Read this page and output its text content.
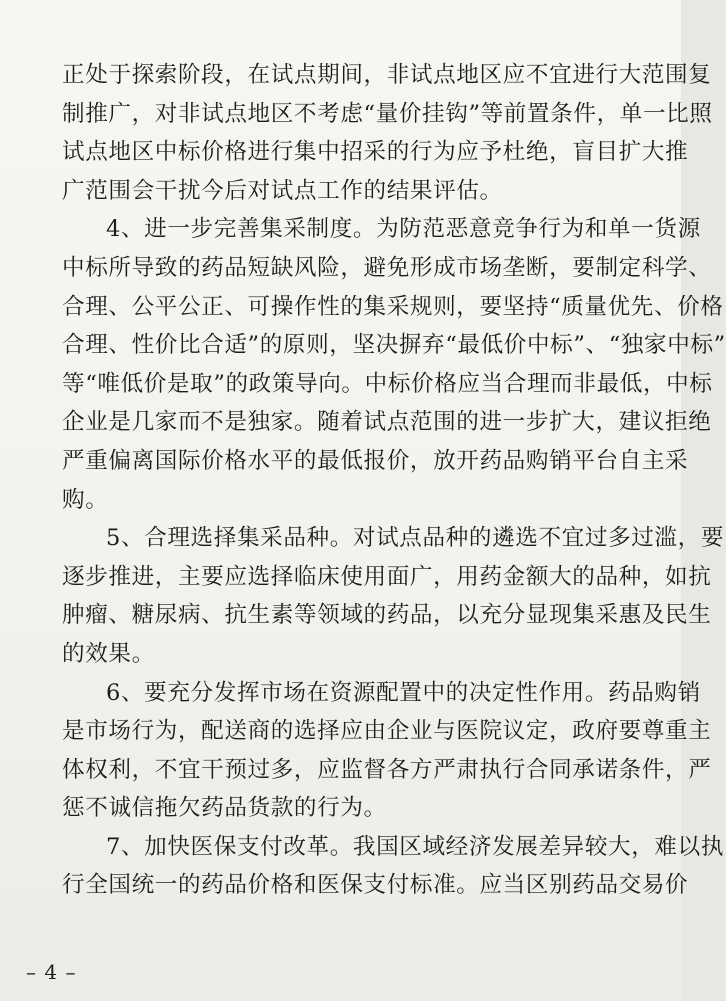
正处于探索阶段，在试点期间，非试点地区应不宜进行大范围复
制推广，对非试点地区不考虑“量价挂钩”等前置条件，单一比照
试点地区中标价格进行集中招采的行为应予杜绝，盲目扩大推
广范围会干扰今后对试点工作的结果评估。
4、进一步完善集采制度。为防范恶意竞争行为和单一货源
中标所导致的药品短缺风险，避免形成市场垄断，要制定科学、
合理、公平公正、可操作性的集采规则，要坚持“质量优先、价格
合理、性价比合适”的原则，坚决摒弃“最低价中标”、“独家中标”
等“唯低价是取”的政策导向。中标价格应当合理而非最低，中标
企业是几家而不是独家。随着试点范围的进一步扩大，建议拒绝
严重偏离国际价格水平的最低报价，放开药品购销平台自主采
购。
5、合理选择集采品种。对试点品种的遴选不宜过多过滥，要
逐步推进，主要应选择临床使用面广，用药金额大的品种，如抗
肿瘤、糖尿病、抗生素等领域的药品，以充分显现集采惠及民生
的效果。
6、要充分发挥市场在资源配置中的决定性作用。药品购销
是市场行为，配送商的选择应由企业与医院议定，政府要尊重主
体权利，不宜干预过多，应监督各方严肃执行合同承诺条件，严
惩不诚信拖欠药品货款的行为。
7、加快医保支付改革。我国区域经济发展差异较大，难以执
行全国统一的药品价格和医保支付标准。应当区别药品交易价
– 4 –
